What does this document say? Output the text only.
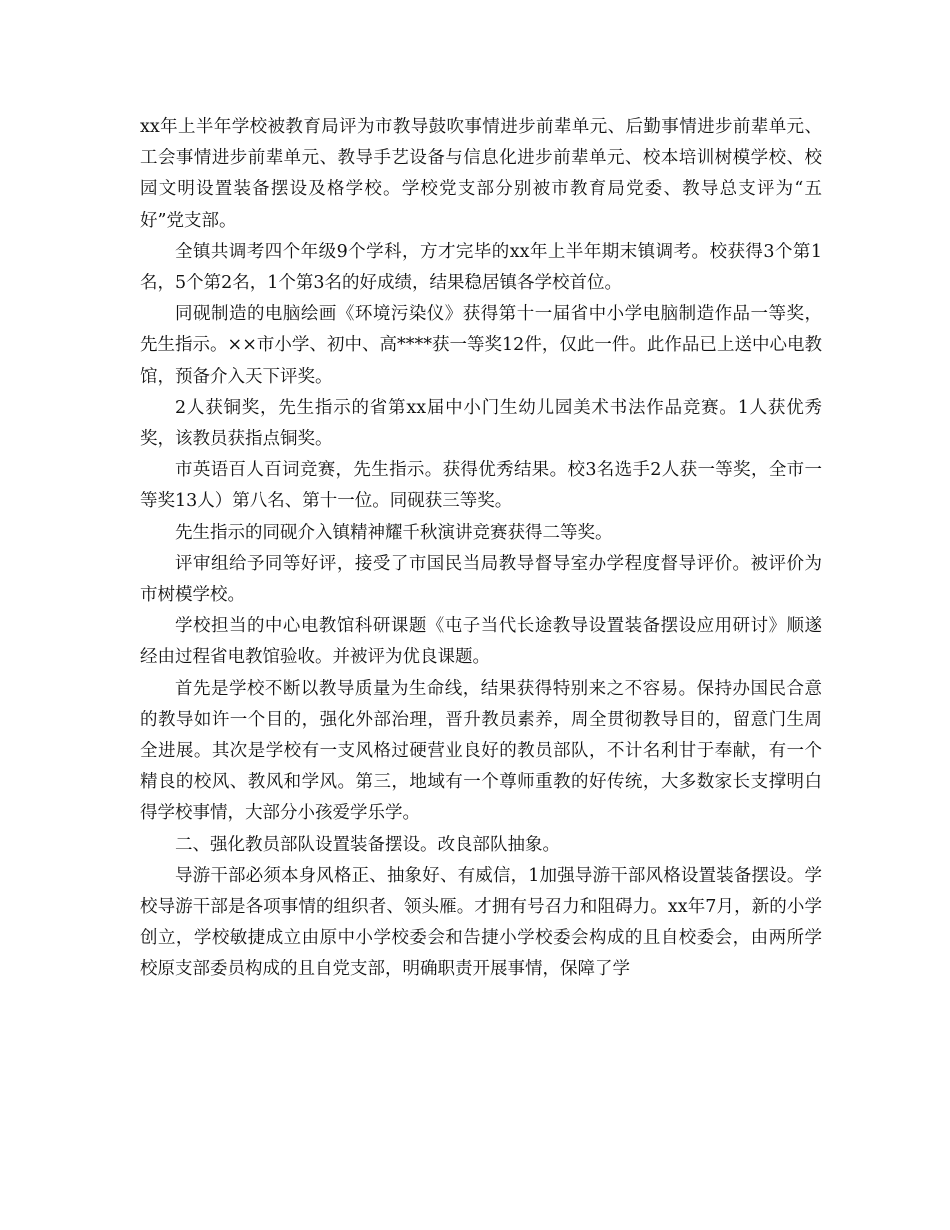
xx年上半年学校被教育局评为市教导鼓吹事情进步前辈单元、后勤事情进步前辈单元、工会事情进步前辈单元、教导手艺设备与信息化进步前辈单元、校本培训树模学校、校园文明设置装备摆设及格学校。学校党支部分别被市教育局党委、教导总支评为“五好”党支部。

全镇共调考四个年级9个学科，方才完毕的xx年上半年期末镇调考。校获得3个第1名，5个第2名，1个第3名的好成绩，结果稳居镇各学校首位。

同砚制造的电脑绘画《环境污染仪》获得第十一届省中小学电脑制造作品一等奖，先生指示。××市小学、初中、高****获一等奖12件，仅此一件。此作品已上送中心电教馆，预备介入天下评奖。

2人获铜奖，先生指示的省第xx届中小门生幼儿园美术书法作品竞赛。1人获优秀奖，该教员获指点铜奖。

市英语百人百词竞赛，先生指示。获得优秀结果。校3名选手2人获一等奖，全市一等奖13人）第八名、第十一位。同砚获三等奖。

先生指示的同砚介入镇精神耀千秋演讲竞赛获得二等奖。

评审组给予同等好评，接受了市国民当局教导督导室办学程度督导评价。被评价为市树模学校。

学校担当的中心电教馆科研课题《屯子当代长途教导设置装备摆设应用研讨》顺遂经由过程省电教馆验收。并被评为优良课题。

首先是学校不断以教导质量为生命线，结果获得特别来之不容易。保持办国民合意的教导如许一个目的，强化外部治理，晋升教员素养，周全贯彻教导目的，留意门生周全进展。其次是学校有一支风格过硬营业良好的教员部队，不计名利甘于奉献，有一个精良的校风、教风和学风。第三，地域有一个尊师重教的好传统，大多数家长支撑明白得学校事情，大部分小孩爱学乐学。

二、强化教员部队设置装备摆设。改良部队抽象。

导游干部必须本身风格正、抽象好、有威信，1加强导游干部风格设置装备摆设。学校导游干部是各项事情的组织者、领头雁。才拥有号召力和阻碍力。xx年7月，新的小学创立，学校敏捷成立由原中小学校委会和告捷小学校委会构成的且自校委会，由两所学校原支部委员构成的且自党支部，明确职责开展事情，保障了学
